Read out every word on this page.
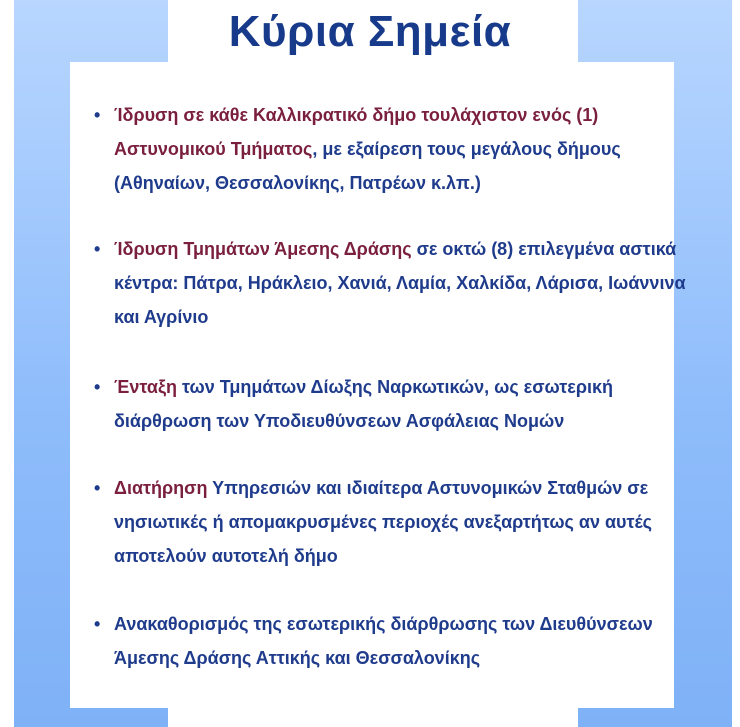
Κύρια Σημεία
• Ίδρυση σε κάθε Καλλικρατικό δήμο τουλάχιστον ενός (1) Αστυνομικού Τμήματος, με εξαίρεση τους μεγάλους δήμους (Αθηναίων, Θεσσαλονίκης, Πατρέων κ.λπ.)
• Ίδρυση Τμημάτων Άμεσης Δράσης σε οκτώ (8) επιλεγμένα αστικά κέντρα: Πάτρα, Ηράκλειο, Χανιά, Λαμία, Χαλκίδα, Λάρισα, Ιωάννινα και Αγρίνιο
• Ένταξη των Τμημάτων Δίωξης Ναρκωτικών, ως εσωτερική διάρθρωση των Υποδιευθύνσεων Ασφάλειας Νομών
• Διατήρηση Υπηρεσιών και ιδιαίτερα Αστυνομικών Σταθμών σε νησιωτικές ή απομακρυσμένες περιοχές ανεξαρτήτως αν αυτές αποτελούν αυτοτελή δήμο
• Ανακαθορισμός της εσωτερικής διάρθρωσης των Διευθύνσεων Άμεσης Δράσης Αττικής και Θεσσαλονίκης
